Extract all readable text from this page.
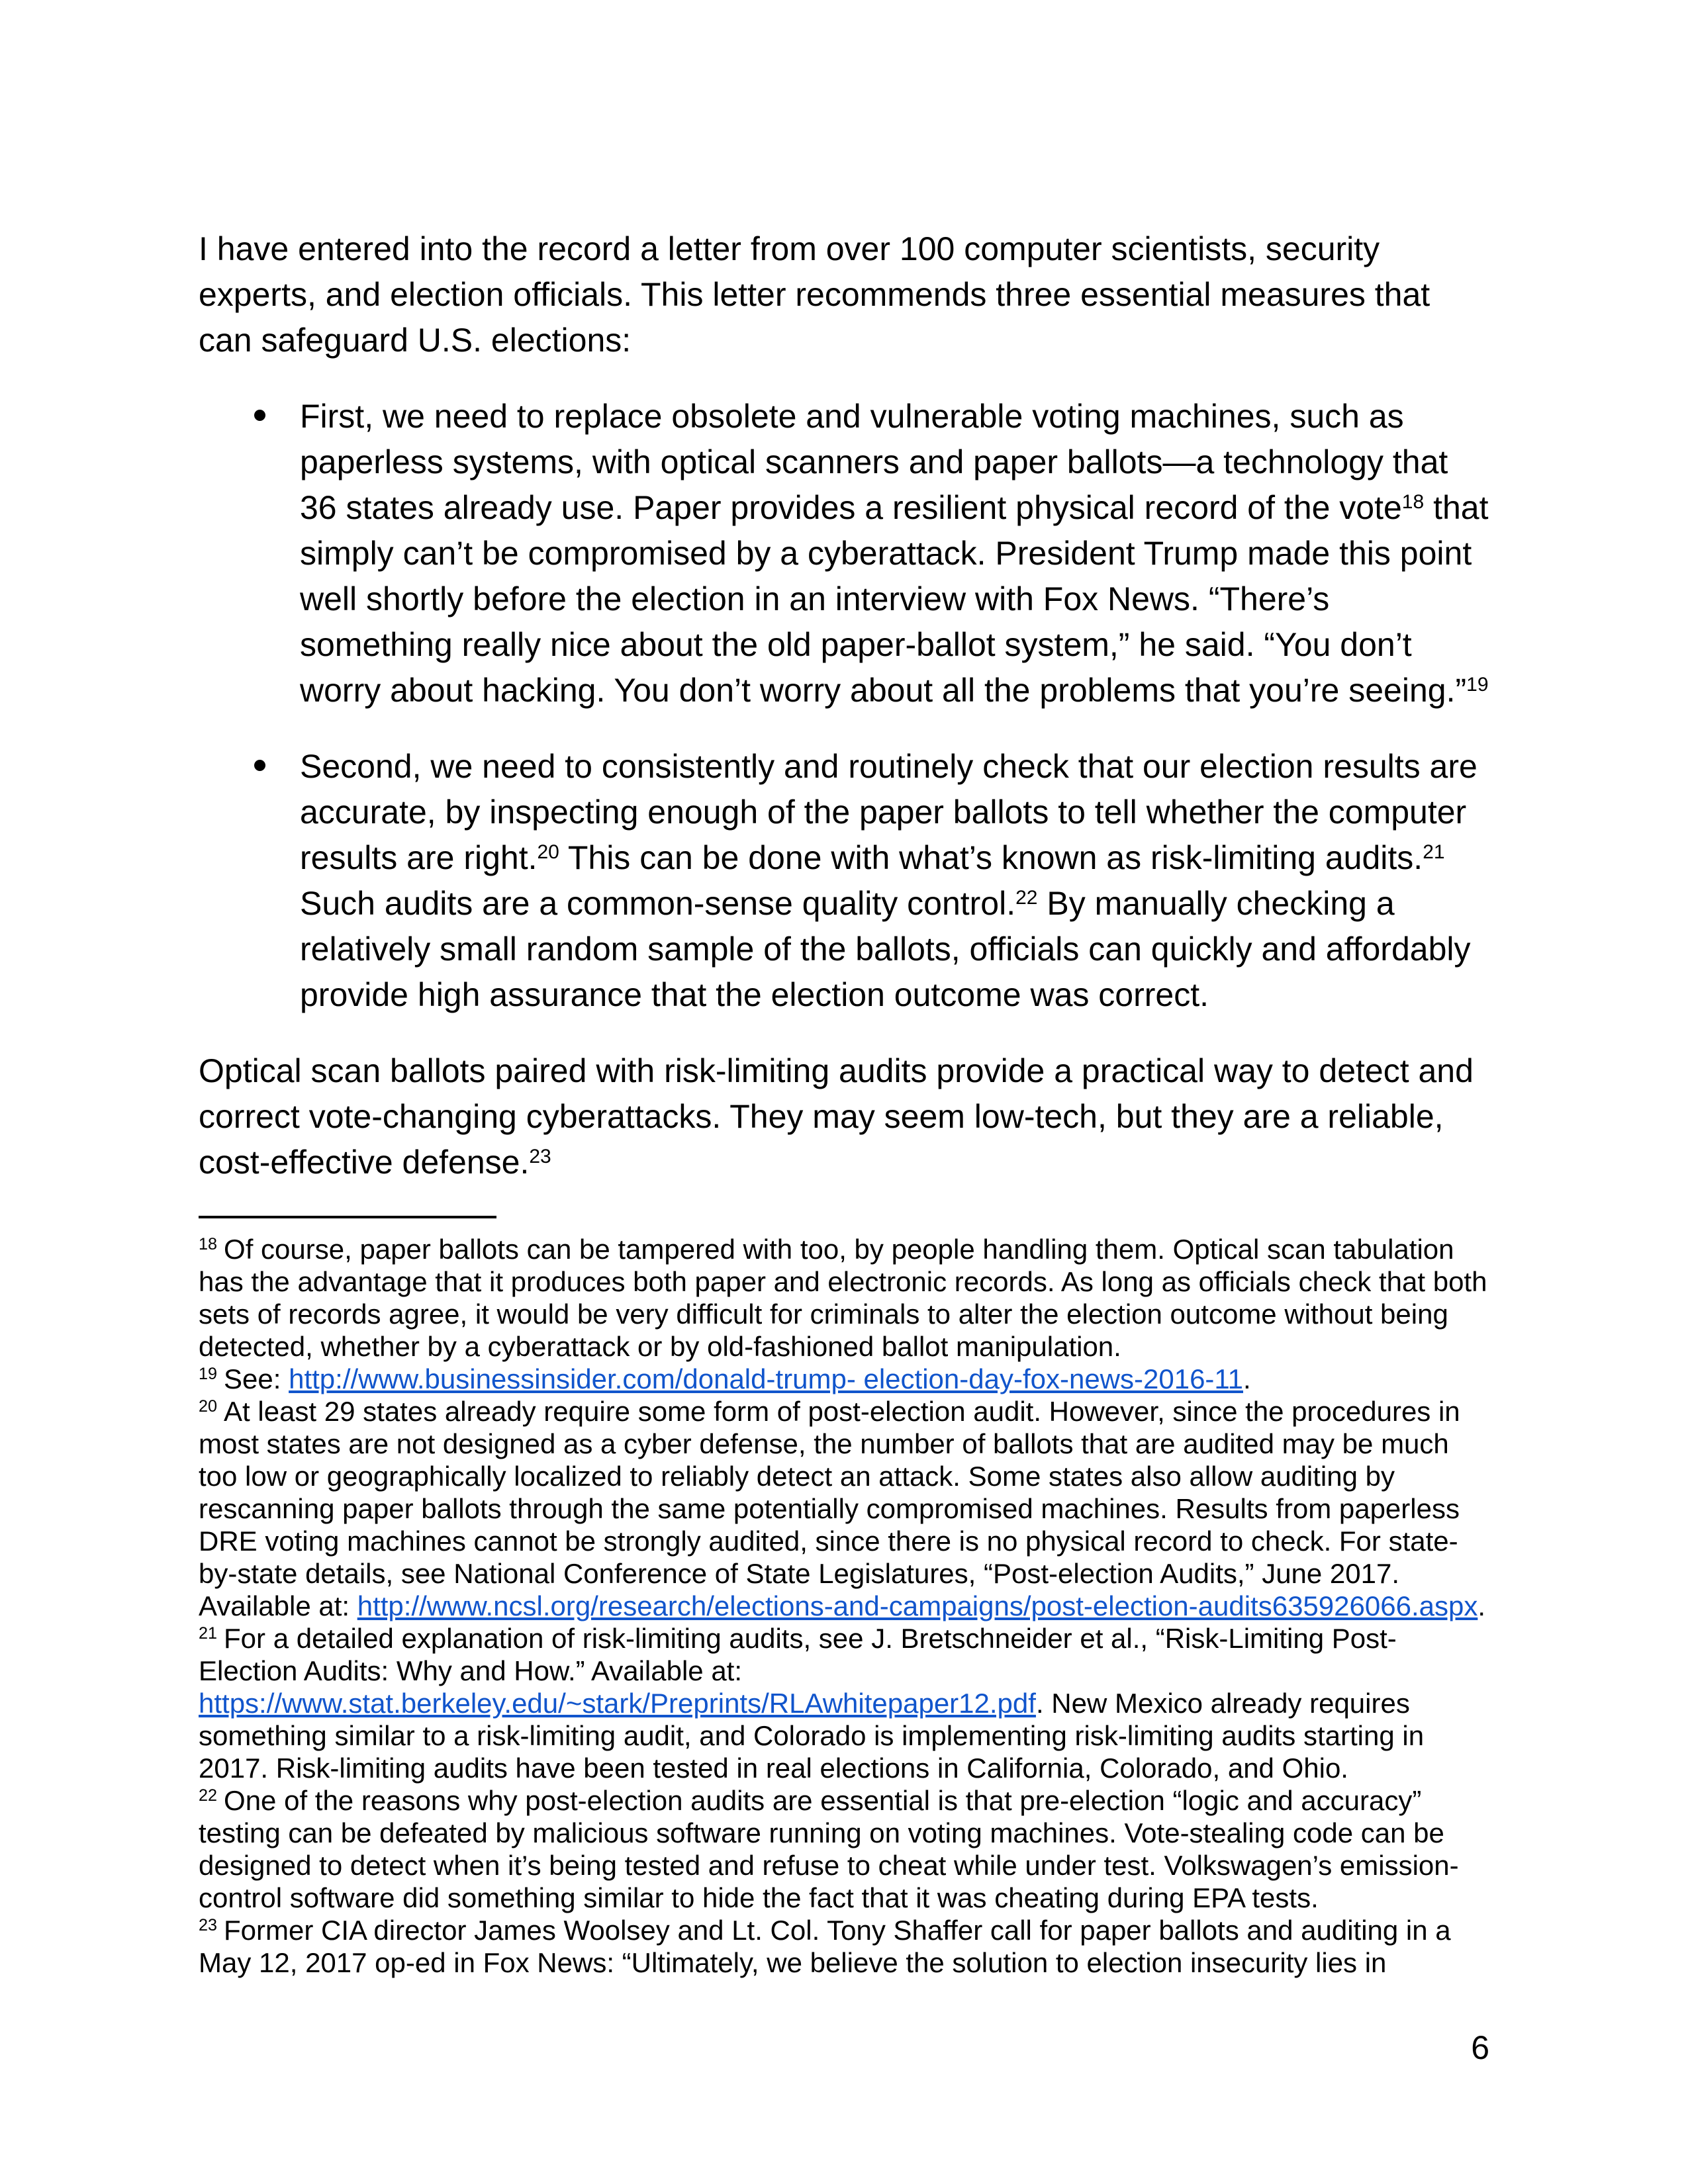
I have entered into the record a letter from over 100 computer scientists, security experts, and election officials. This letter recommends three essential measures that can safeguard U.S. elections:

First, we need to replace obsolete and vulnerable voting machines, such as paperless systems, with optical scanners and paper ballots—a technology that 36 states already use. Paper provides a resilient physical record of the vote$^{18}$ that simply can’t be compromised by a cyberattack. President Trump made this point well shortly before the election in an interview with Fox News. “There’s something really nice about the old paper-ballot system,” he said. “You don’t worry about hacking. You don’t worry about all the problems that you’re seeing.”$^{19}$
Second, we need to consistently and routinely check that our election results are accurate, by inspecting enough of the paper ballots to tell whether the computer results are right.$^{20}$ This can be done with what’s known as risk-limiting audits.$^{21}$ Such audits are a common-sense quality control.$^{22}$ By manually checking a relatively small random sample of the ballots, officials can quickly and affordably provide high assurance that the election outcome was correct.

Optical scan ballots paired with risk-limiting audits provide a practical way to detect and correct vote-changing cyberattacks. They may seem low-tech, but they are a reliable, cost-effective defense.$^{23}$

$^{18}$ Of course, paper ballots can be tampered with too, by people handling them. Optical scan tabulation has the advantage that it produces both paper and electronic records. As long as officials check that both sets of records agree, it would be very difficult for criminals to alter the election outcome without being detected, whether by a cyberattack or by old-fashioned ballot manipulation.
$^{19}$ See: http://www.businessinsider.com/donald-trump- election-day-fox-news-2016-11.
$^{20}$ At least 29 states already require some form of post-election audit. However, since the procedures in most states are not designed as a cyber defense, the number of ballots that are audited may be much too low or geographically localized to reliably detect an attack. Some states also allow auditing by rescanning paper ballots through the same potentially compromised machines. Results from paperless DRE voting machines cannot be strongly audited, since there is no physical record to check. For state-by-state details, see National Conference of State Legislatures, “Post-election Audits,” June 2017. Available at: http://www.ncsl.org/research/elections-and-campaigns/post-election-audits635926066.aspx.
$^{21}$ For a detailed explanation of risk-limiting audits, see J. Bretschneider et al., “Risk-Limiting Post-Election Audits: Why and How.” Available at: https://www.stat.berkeley.edu/~stark/Preprints/RLAwhitepaper12.pdf. New Mexico already requires something similar to a risk-limiting audit, and Colorado is implementing risk-limiting audits starting in 2017. Risk-limiting audits have been tested in real elections in California, Colorado, and Ohio.
$^{22}$ One of the reasons why post-election audits are essential is that pre-election “logic and accuracy” testing can be defeated by malicious software running on voting machines. Vote-stealing code can be designed to detect when it’s being tested and refuse to cheat while under test. Volkswagen’s emission-control software did something similar to hide the fact that it was cheating during EPA tests.
$^{23}$ Former CIA director James Woolsey and Lt. Col. Tony Shaffer call for paper ballots and auditing in a May 12, 2017 op-ed in Fox News: “Ultimately, we believe the solution to election insecurity lies in
6
